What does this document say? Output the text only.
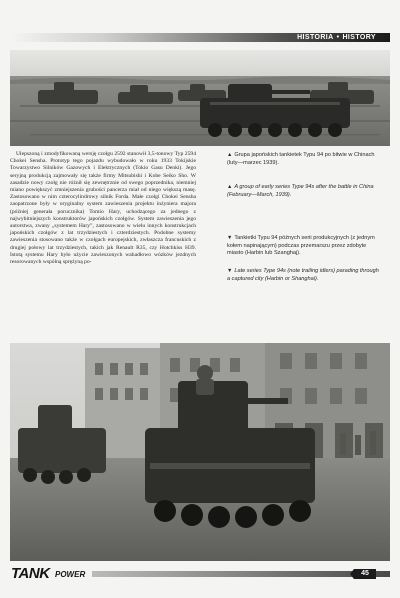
HISTORIA • HISTORY

Ulepszoną i zmodyfikowaną wersję czołgu 2592 stanowił 3,5-tonowy Typ 2594 Chokei Sensha. Prototyp tego pojazdu wybudowało w roku 1933 Tokijskie Towarzystwo Silników Gazowych i Elektrycznych (Tokio Gasu Denki). Jego seryjną produkcją zajmowały się także firmy Mitsubishi i Kobe Seiko Sho. W zasadzie nowy czołg nie różnił się zewnętrznie od swego poprzednika, niemniej miano powiększyć zmniejszenia grubości pancerza miał od niego większą masę. Zastosowano w nim czterocylindrowy silnik Forda. Małe czołgi Chokei Sensha zaopatrzone były w oryginalny system zawieszenia projektu inżyniera majora (później generała porucznika) Tomio Hary, uchodzącego za jednego z najwybitniejszych konstruktorów japońskich czołgów. System zawieszenia jego autorstwa, zwany „systemem Hary”, zastosowano w wielu innych konstrukcjach japońskich czołgów z lat trzydziestych i czterdziestych. Podobne systemy zawieszenia stosowano także w czołgach europejskich, zwłaszcza francuskich z drugiej połowy lat trzydziestych, takich jak Renault R35, czy Hotchkiss H39. Istotą systemu Hary było użycie zawieszonych wahadłowo wózków jezdnych resorowanych wspólną sprężyną po-

▲ Grupa japońskich tankietek Typu 94 po bitwie w Chinach (luty—marzec 1939).

▲ A group of early series Type 94s after the battle in China (February—March, 1939).

▼ Tankietki Typu 94 późnych serii produkcyjnych (z jednym kołem napinającym) podczas przemarszu przez zdobyte miasto (Harbin lub Szanghaj).

▼ Late series Type 94s (note trailing idlers) parading through a captured city (Harbin or Shanghai).

TANK POWER	45
